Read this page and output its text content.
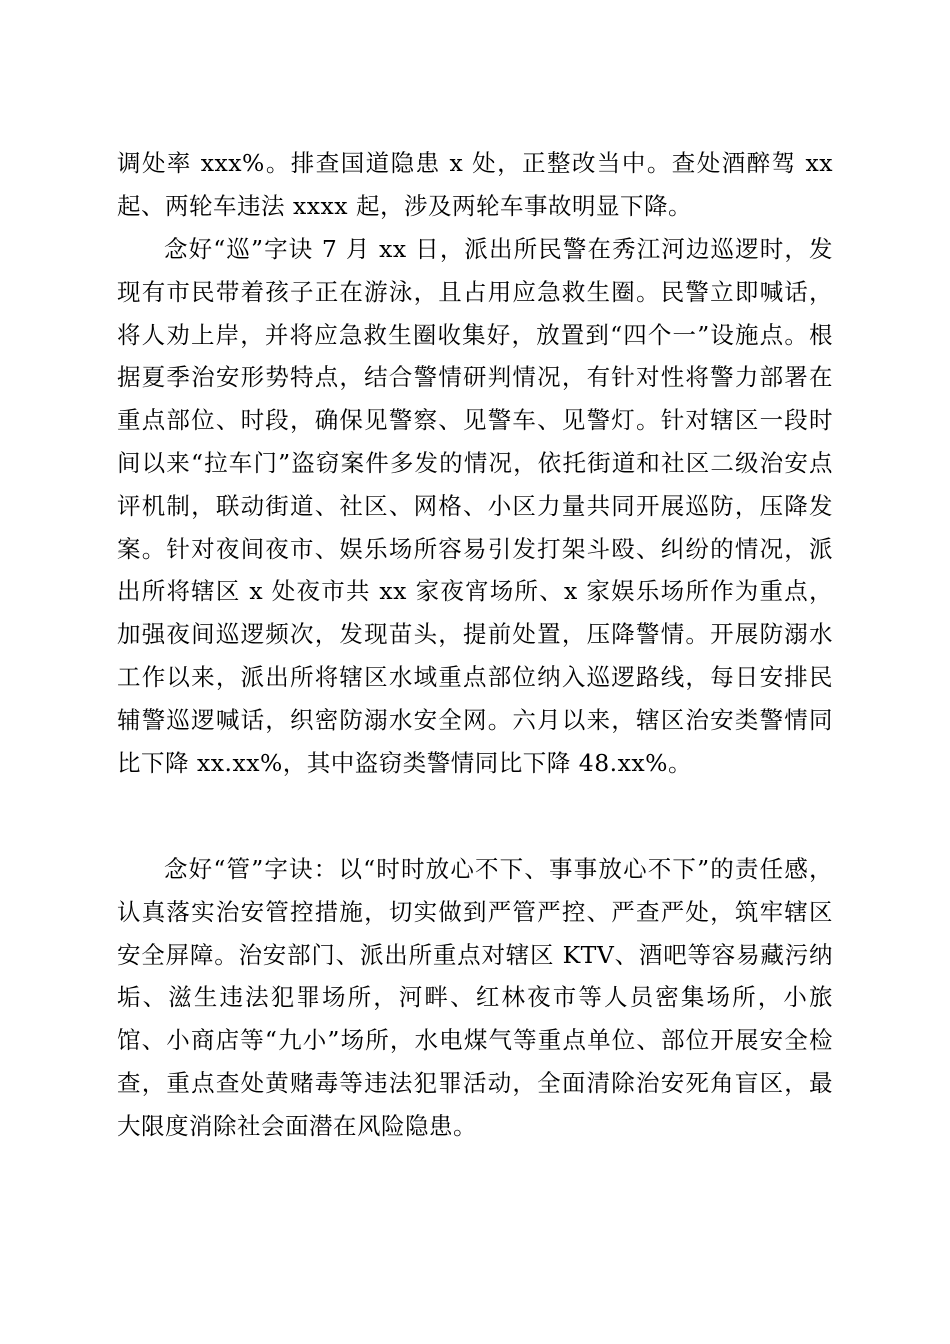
调处率 xxx%。排查国道隐患 x 处，正整改当中。查处酒醉驾 xx 起、两轮车违法 xxxx 起，涉及两轮车事故明显下降。

念好“巡”字诀 7 月 xx 日，派出所民警在秀江河边巡逻时，发现有市民带着孩子正在游泳，且占用应急救生圈。民警立即喊话，将人劝上岸，并将应急救生圈收集好，放置到“四个一”设施点。根据夏季治安形势特点，结合警情研判情况，有针对性将警力部署在重点部位、时段，确保见警察、见警车、见警灯。针对辖区一段时间以来“拉车门”盗窃案件多发的情况，依托街道和社区二级治安点评机制，联动街道、社区、网格、小区力量共同开展巡防，压降发案。针对夜间夜市、娱乐场所容易引发打架斗殴、纠纷的情况，派出所将辖区 x 处夜市共 xx 家夜宵场所、x 家娱乐场所作为重点，加强夜间巡逻频次，发现苗头，提前处置，压降警情。开展防溺水工作以来，派出所将辖区水域重点部位纳入巡逻路线，每日安排民辅警巡逻喊话，织密防溺水安全网。六月以来，辖区治安类警情同比下降 xx.xx%，其中盗窃类警情同比下降 48.xx%。

念好“管”字诀：以“时时放心不下、事事放心不下”的责任感，认真落实治安管控措施，切实做到严管严控、严查严处，筑牢辖区安全屏障。治安部门、派出所重点对辖区 KTV、酒吧等容易藏污纳垢、滋生违法犯罪场所，河畔、红林夜市等人员密集场所，小旅馆、小商店等“九小”场所，水电煤气等重点单位、部位开展安全检查，重点查处黄赌毒等违法犯罪活动，全面清除治安死角盲区，最大限度消除社会面潜在风险隐患。
